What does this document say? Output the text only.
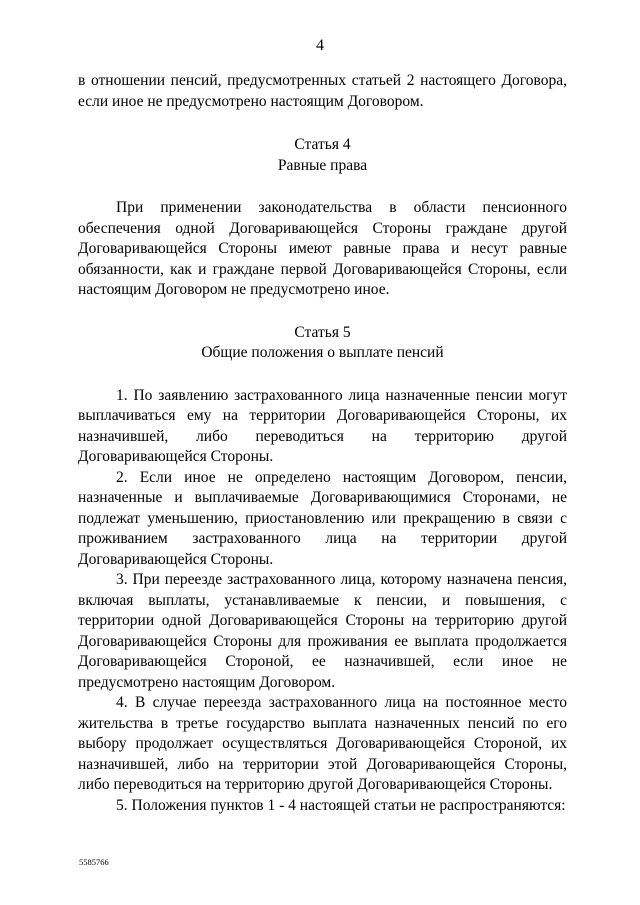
4

в отношении пенсий, предусмотренных статьей 2 настоящего Договора, если иное не предусмотрено настоящим Договором.

Статья 4

Равные права

При применении законодательства в области пенсионного обеспечения одной Договаривающейся Стороны граждане другой Договаривающейся Стороны имеют равные права и несут равные обязанности, как и граждане первой Договаривающейся Стороны, если настоящим Договором не предусмотрено иное.

Статья 5

Общие положения о выплате пенсий

1. По заявлению застрахованного лица назначенные пенсии могут выплачиваться ему на территории Договаривающейся Стороны, их назначившей, либо переводиться на территорию другой Договаривающейся Стороны.

2. Если иное не определено настоящим Договором, пенсии, назначенные и выплачиваемые Договаривающимися Сторонами, не подлежат уменьшению, приостановлению или прекращению в связи с проживанием застрахованного лица на территории другой Договаривающейся Стороны.

3. При переезде застрахованного лица, которому назначена пенсия, включая выплаты, устанавливаемые к пенсии, и повышения, с территории одной Договаривающейся Стороны на территорию другой Договаривающейся Стороны для проживания ее выплата продолжается Договаривающейся Стороной, ее назначившей, если иное не предусмотрено настоящим Договором.

4. В случае переезда застрахованного лица на постоянное место жительства в третье государство выплата назначенных пенсий по его выбору продолжает осуществляться Договаривающейся Стороной, их назначившей, либо на территории этой Договаривающейся Стороны, либо переводиться на территорию другой Договаривающейся Стороны.

5. Положения пунктов 1 - 4 настоящей статьи не распространяются:

5585766
